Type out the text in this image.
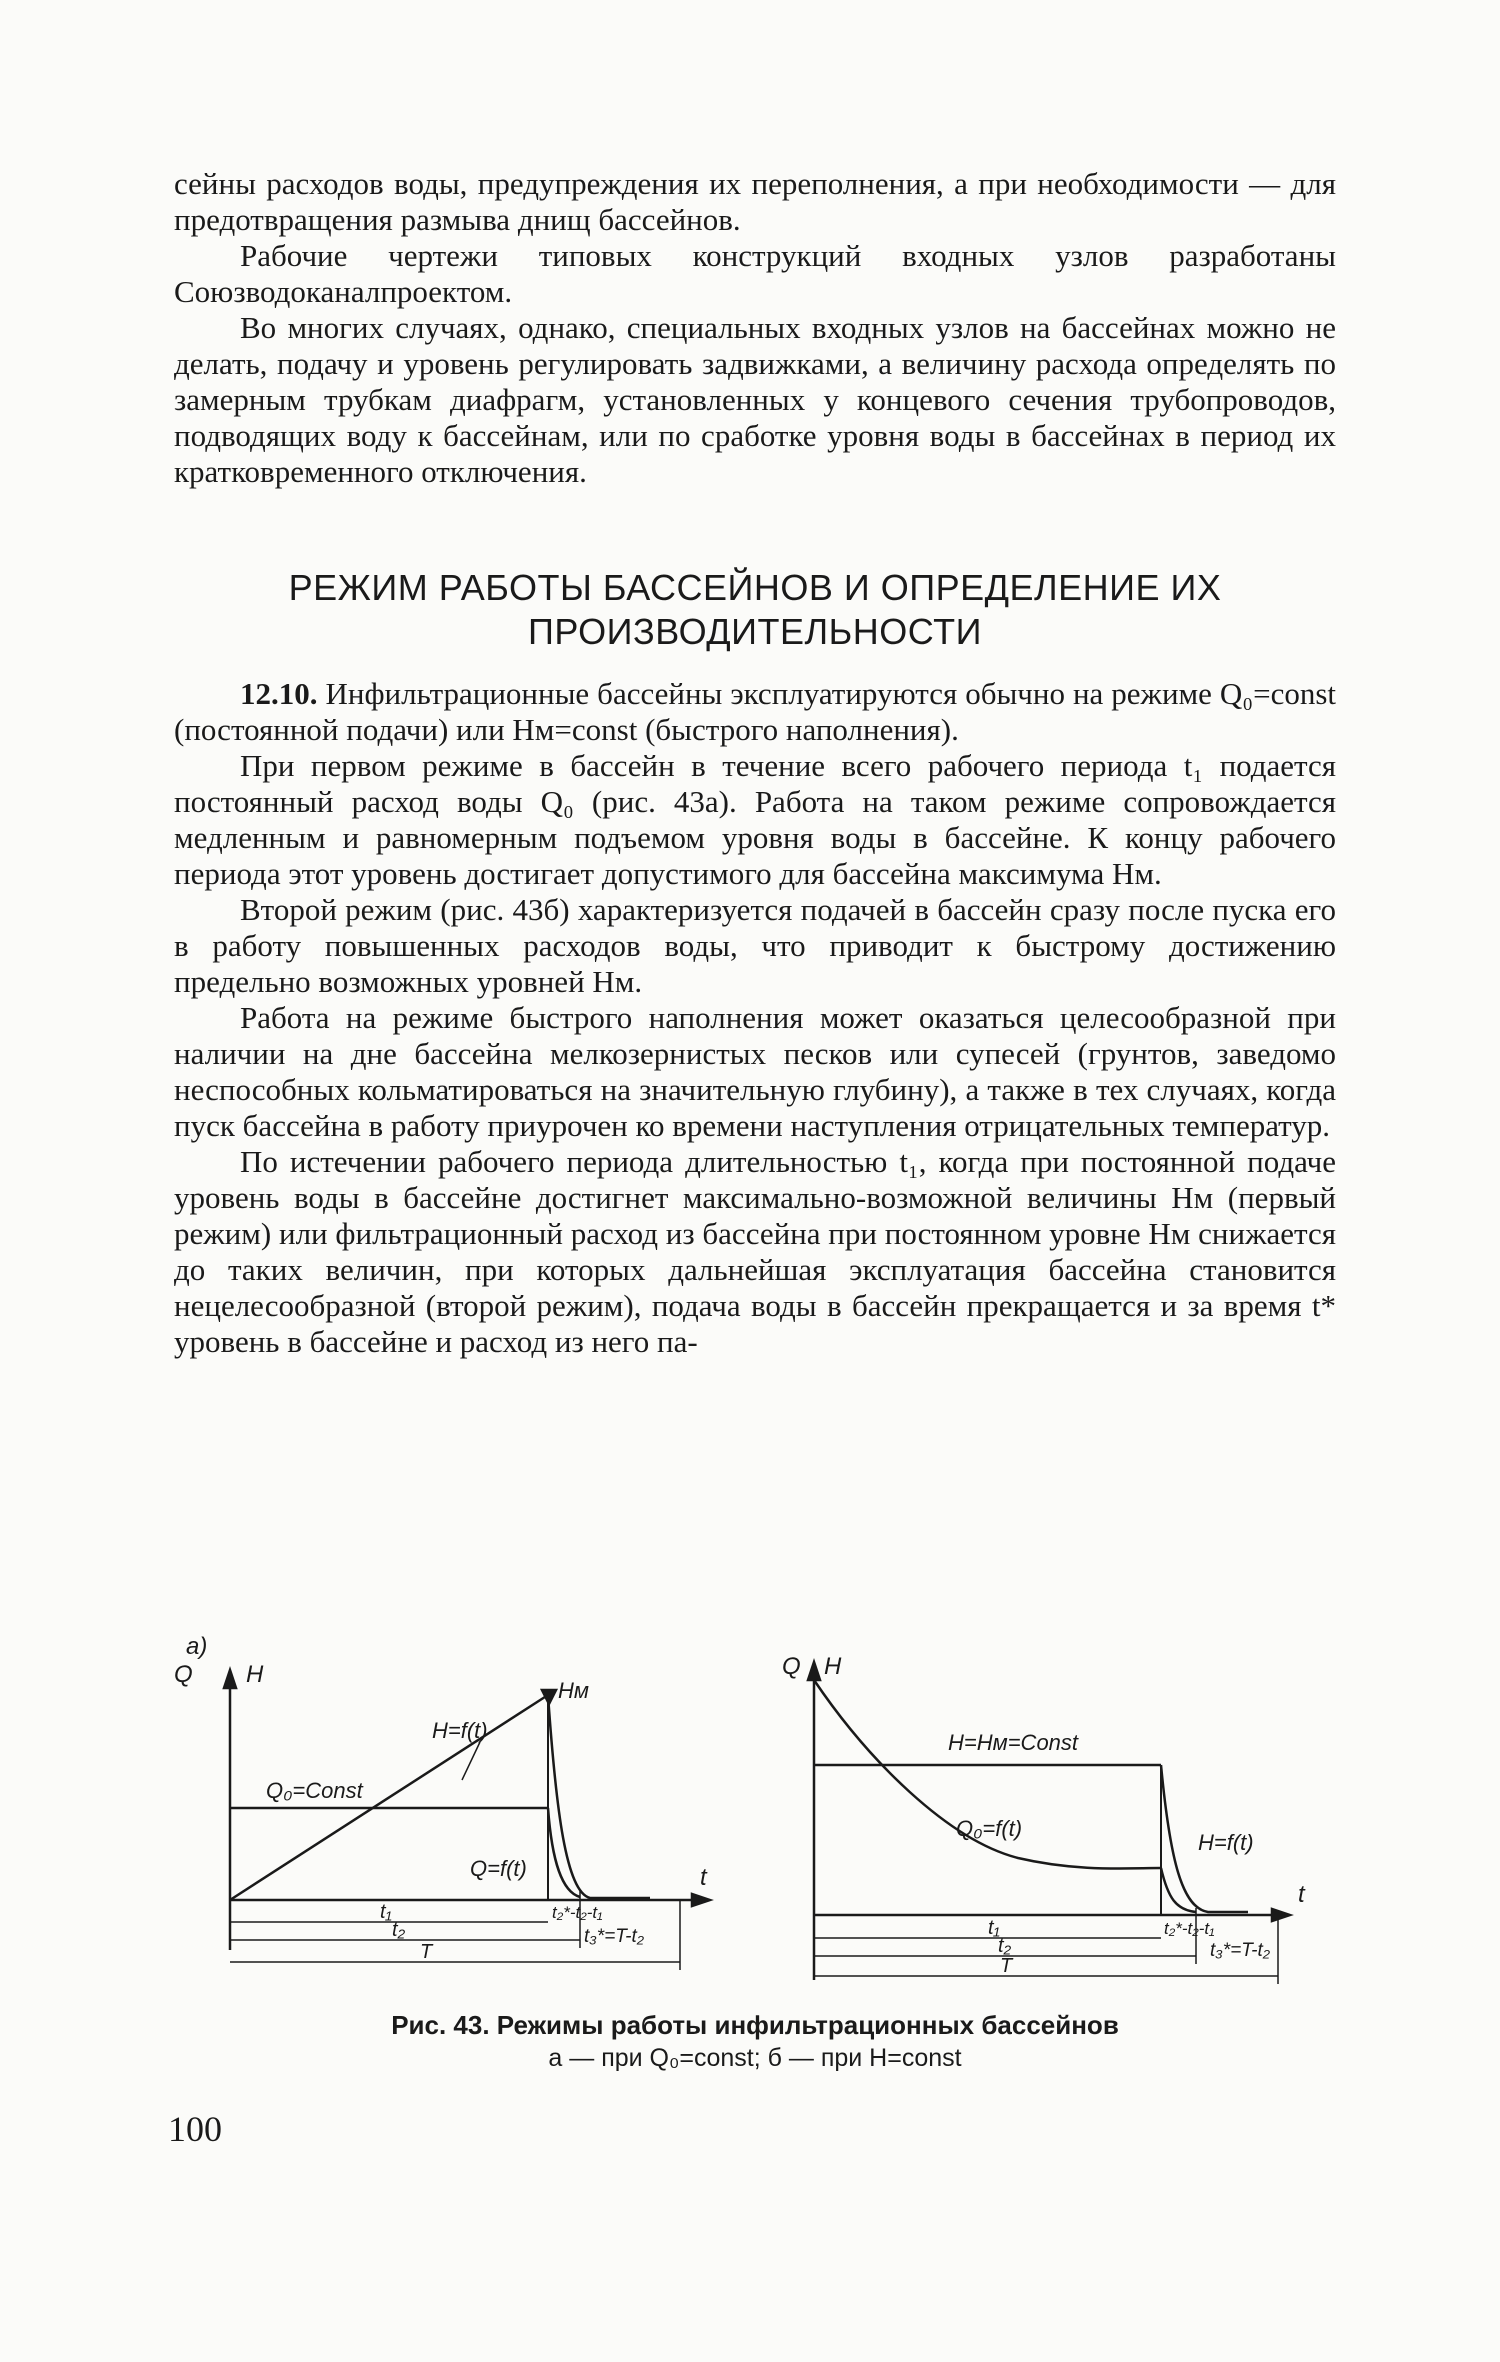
сейны расходов воды, предупреждения их переполнения, а при необходимости — для предотвращения размыва днищ бассейнов.

Рабочие чертежи типовых конструкций входных узлов разработаны Союзводоканалпроектом.

Во многих случаях, однако, специальных входных узлов на бассейнах можно не делать, подачу и уровень регулировать задвижками, а величину расхода определять по замерным трубкам диафрагм, установленных у концевого сечения трубопроводов, подводящих воду к бассейнам, или по сработке уровня воды в бассейнах в период их кратковременного отключения.

РЕЖИМ РАБОТЫ БАССЕЙНОВ И ОПРЕДЕЛЕНИЕ ИХ ПРОИЗВОДИТЕЛЬНОСТИ

12.10. Инфильтрационные бассейны эксплуатируются обычно на режиме Q₀=const (постоянной подачи) или Hм=const (быстрого наполнения).

При первом режиме в бассейн в течение всего рабочего периода t₁ подается постоянный расход воды Q₀ (рис. 43а). Работа на таком режиме сопровождается медленным и равномерным подъемом уровня воды в бассейне. К концу рабочего периода этот уровень достигает допустимого для бассейна максимума Hм.

Второй режим (рис. 43б) характеризуется подачей в бассейн сразу после пуска его в работу повышенных расходов воды, что приводит к быстрому достижению предельно возможных уровней Hм.

Работа на режиме быстрого наполнения может оказаться целесообразной при наличии на дне бассейна мелкозернистых песков или супесей (грунтов, заведомо неспособных кольматироваться на значительную глубину), а также в тех случаях, когда пуск бассейна в работу приурочен ко времени наступления отрицательных температур.

По истечении рабочего периода длительностью t₁, когда при постоянной подаче уровень воды в бассейне достигнет максимально-возможной величины Hм (первый режим) или фильтрационный расход из бассейна при постоянном уровне Hм снижается до таких величин, при которых дальнейшая эксплуатация бассейна становится нецелесообразной (второй режим), подача воды в бассейн прекращается и за время t* уровень в бассейне и расход из него па-

а)
Q H
t
Hм
H=f(t)
Q₀=Const
Q=f(t)
t₁
t₂
T
t₂*-t₂-t₁
t₃*=T-t₂
Q H
t
H=Hм=Const
Q₀=f(t)
H=f(t)
t₁
t₂
T
t₂*-t₂-t₁
t₃*=T-t₂
Рис. 43. Режимы работы инфильтрационных бассейнов
а — при Q₀=const; б — при H=const
100
